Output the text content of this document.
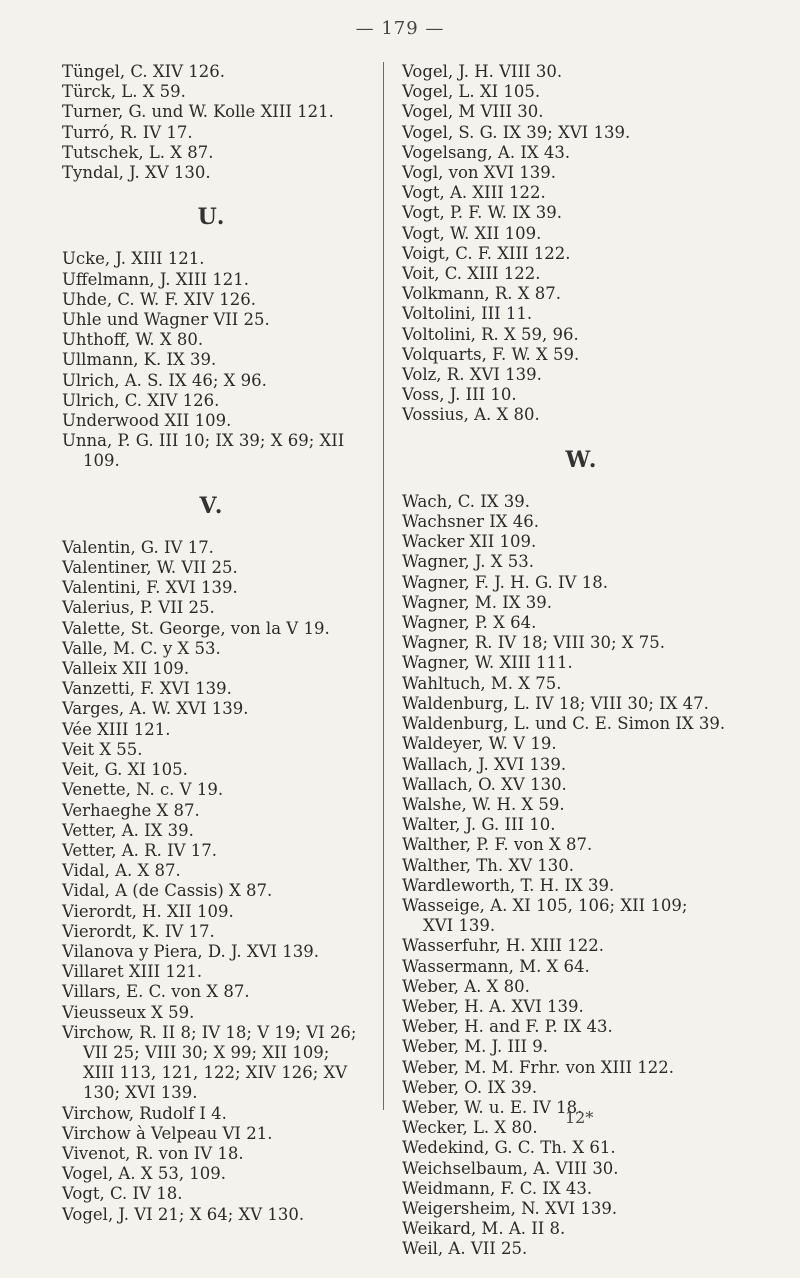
— 179 —
Tüngel, C. XIV 126.
Türck, L. X 59.
Turner, G. und W. Kolle XIII 121.
Turró, R. IV 17.
Tutschek, L. X 87.
Tyndal, J. XV 130.
U.
Ucke, J. XIII 121.
Uffelmann, J. XIII 121.
Uhde, C. W. F. XIV 126.
Uhle und Wagner VII 25.
Uhthoff, W. X 80.
Ullmann, K. IX 39.
Ulrich, A. S. IX 46; X 96.
Ulrich, C. XIV 126.
Underwood XII 109.
Unna, P. G. III 10; IX 39; X 69; XII
109.
V.
Valentin, G. IV 17.
Valentiner, W. VII 25.
Valentini, F. XVI 139.
Valerius, P. VII 25.
Valette, St. George, von la V 19.
Valle, M. C. y X 53.
Valleix XII 109.
Vanzetti, F. XVI 139.
Varges, A. W. XVI 139.
Vée XIII 121.
Veit X 55.
Veit, G. XI 105.
Venette, N. c. V 19.
Verhaeghe X 87.
Vetter, A. IX 39.
Vetter, A. R. IV 17.
Vidal, A. X 87.
Vidal, A (de Cassis) X 87.
Vierordt, H. XII 109.
Vierordt, K. IV 17.
Vilanova y Piera, D. J. XVI 139.
Villaret XIII 121.
Villars, E. C. von X 87.
Vieusseux X 59.
Virchow, R. II 8; IV 18; V 19; VI 26;
VII 25; VIII 30; X 99; XII 109;
XIII 113, 121, 122; XIV 126; XV
130; XVI 139.
Virchow, Rudolf I 4.
Virchow à Velpeau VI 21.
Vivenot, R. von IV 18.
Vogel, A. X 53, 109.
Vogt, C. IV 18.
Vogel, J. VI 21; X 64; XV 130.
Vogel, J. H. VIII 30.
Vogel, L. XI 105.
Vogel, M VIII 30.
Vogel, S. G. IX 39; XVI 139.
Vogelsang, A. IX 43.
Vogl, von XVI 139.
Vogt, A. XIII 122.
Vogt, P. F. W. IX 39.
Vogt, W. XII 109.
Voigt, C. F. XIII 122.
Voit, C. XIII 122.
Volkmann, R. X 87.
Voltolini, III 11.
Voltolini, R. X 59, 96.
Volquarts, F. W. X 59.
Volz, R. XVI 139.
Voss, J. III 10.
Vossius, A. X 80.
W.
Wach, C. IX 39.
Wachsner IX 46.
Wacker XII 109.
Wagner, J. X 53.
Wagner, F. J. H. G. IV 18.
Wagner, M. IX 39.
Wagner, P. X 64.
Wagner, R. IV 18; VIII 30; X 75.
Wagner, W. XIII 111.
Wahltuch, M. X 75.
Waldenburg, L. IV 18; VIII 30; IX 47.
Waldenburg, L. und C. E. Simon IX 39.
Waldeyer, W. V 19.
Wallach, J. XVI 139.
Wallach, O. XV 130.
Walshe, W. H. X 59.
Walter, J. G. III 10.
Walther, P. F. von X 87.
Walther, Th. XV 130.
Wardleworth, T. H. IX 39.
Wasseige, A. XI 105, 106; XII 109;
XVI 139.
Wasserfuhr, H. XIII 122.
Wassermann, M. X 64.
Weber, A. X 80.
Weber, H. A. XVI 139.
Weber, H. and F. P. IX 43.
Weber, M. J. III 9.
Weber, M. M. Frhr. von XIII 122.
Weber, O. IX 39.
Weber, W. u. E. IV 18.
Wecker, L. X 80.
Wedekind, G. C. Th. X 61.
Weichselbaum, A. VIII 30.
Weidmann, F. C. IX 43.
Weigersheim, N. XVI 139.
Weikard, M. A. II 8.
Weil, A. VII 25.
12*
